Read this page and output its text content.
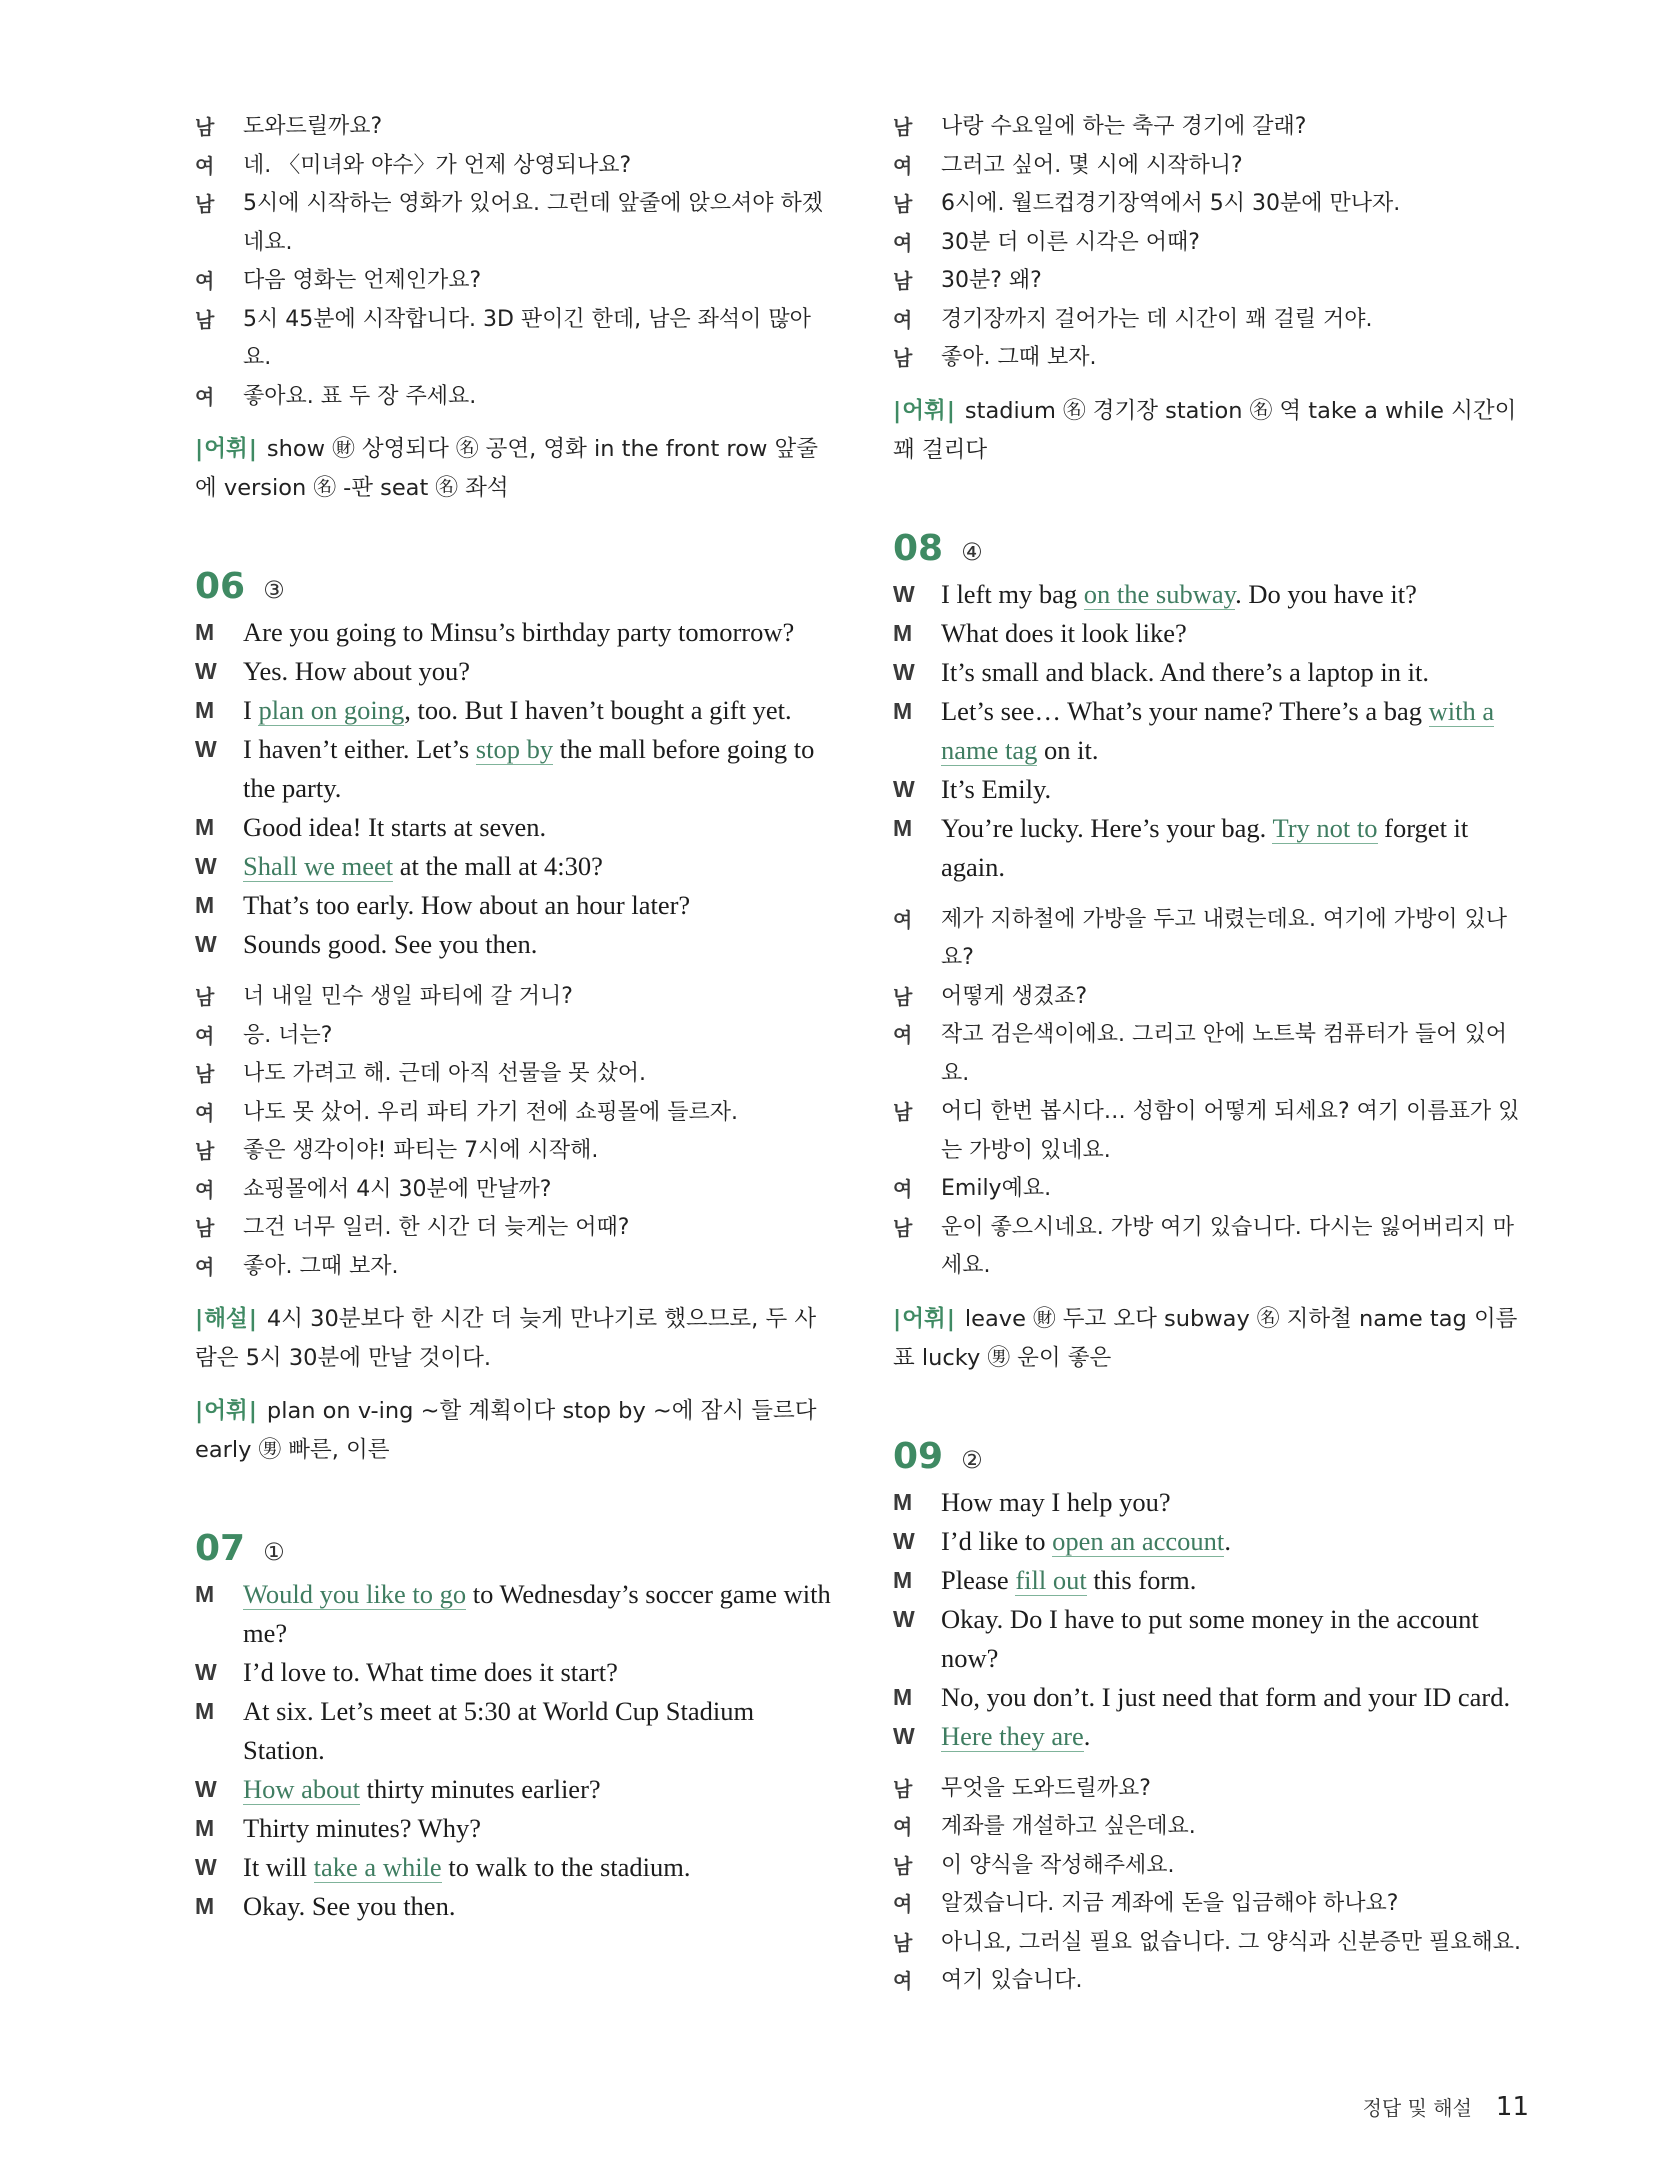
남	도와드릴까요?
여	네. 〈미녀와 야수〉가 언제 상영되나요?
남	5시에 시작하는 영화가 있어요. 그런데 앞줄에 앉으셔야 하겠네요.
여	다음 영화는 언제인가요?
남	5시 45분에 시작합니다. 3D 판이긴 한데, 남은 좌석이 많아요.
여	좋아요. 표 두 장 주세요.
| 어휘 | show ㊖ 상영되다 ㊔ 공연, 영화 in the front row 앞줄에 version ㊔ -판 seat ㊔ 좌석
06 ③
M	Are you going to Minsu’s birthday party tomorrow?
W Yes. How about you?
M	I plan on going, too. But I haven’t bought a gift yet.
W I haven’t either. Let’s stop by the mall before going to the party.
M	Good idea! It starts at seven.
W Shall we meet at the mall at 4:30?
M	That’s too early. How about an hour later?
W Sounds good. See you then.
남	너 내일 민수 생일 파티에 갈 거니?
여	응. 너는?
남	나도 가려고 해. 근데 아직 선물을 못 샀어.
여	나도 못 샀어. 우리 파티 가기 전에 쇼핑몰에 들르자.
남	좋은 생각이야! 파티는 7시에 시작해.
여	쇼핑몰에서 4시 30분에 만날까?
남	그건 너무 일러. 한 시간 더 늦게는 어때?
여	좋아. 그때 보자.
| 해설 | 4시 30분보다 한 시간 더 늦게 만나기로 했으므로, 두 사람은 5시 30분에 만날 것이다.
| 어휘 | plan on v-ing ~할 계획이다 stop by ~에 잠시 들르다 early ㊚ 빠른, 이른
07 ①
M	Would you like to go to Wednesday’s soccer game with me?
W I’d love to. What time does it start?
M	At six. Let’s meet at 5:30 at World Cup Stadium Station.
W How about thirty minutes earlier?
M	Thirty minutes? Why?
W It will take a while to walk to the stadium.
M	Okay. See you then.
남	나랑 수요일에 하는 축구 경기에 갈래?
여	그러고 싶어. 몇 시에 시작하니?
남	6시에. 월드컵경기장역에서 5시 30분에 만나자.
여	30분 더 이른 시각은 어때?
남	30분? 왜?
여	경기장까지 걸어가는 데 시간이 꽤 걸릴 거야.
남	좋아. 그때 보자.
| 어휘 | stadium ㊔ 경기장 station ㊔ 역 take a while 시간이 꽤 걸리다
08 ④
W I left my bag on the subway. Do you have it?
M	What does it look like?
W It’s small and black. And there’s a laptop in it.
M	Let’s see… What’s your name? There’s a bag with a name tag on it.
W It’s Emily.
M	You’re lucky. Here’s your bag. Try not to forget it again.
여	제가 지하철에 가방을 두고 내렸는데요. 여기에 가방이 있나요?
남	어떻게 생겼죠?
여	작고 검은색이에요. 그리고 안에 노트북 컴퓨터가 들어 있어요.
남	어디 한번 봅시다… 성함이 어떻게 되세요? 여기 이름표가 있는 가방이 있네요.
여	Emily예요.
남	운이 좋으시네요. 가방 여기 있습니다. 다시는 잃어버리지 마세요.
| 어휘 | leave ㊖ 두고 오다 subway ㊔ 지하철 name tag 이름표 lucky ㊚ 운이 좋은
09 ②
M	How may I help you?
W I’d like to open an account.
M	Please fill out this form.
W Okay. Do I have to put some money in the account now?
M	No, you don’t. I just need that form and your ID card.
W Here they are.
남	무엇을 도와드릴까요?
여	계좌를 개설하고 싶은데요.
남	이 양식을 작성해주세요.
여	알겠습니다. 지금 계좌에 돈을 입금해야 하나요?
남	아니요, 그러실 필요 없습니다. 그 양식과 신분증만 필요해요.
여	여기 있습니다.
정답 및 해설 11
